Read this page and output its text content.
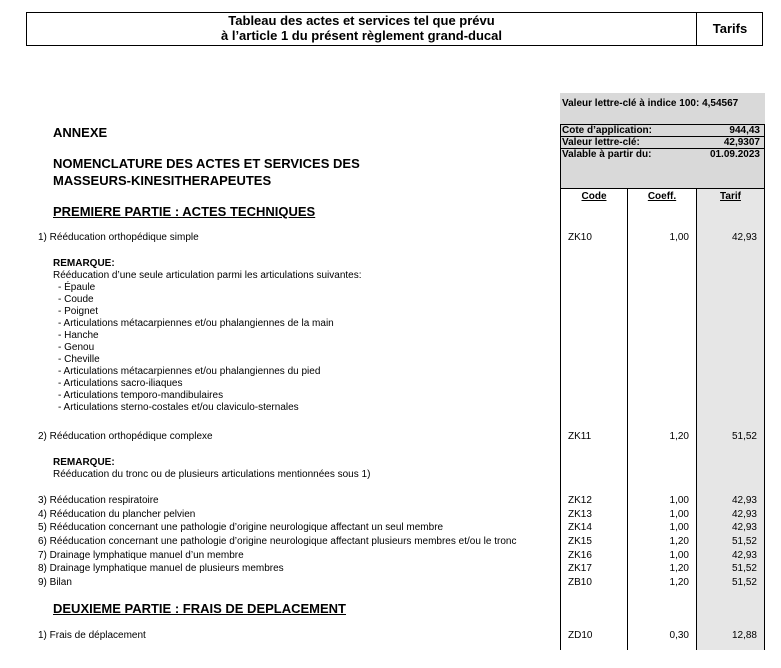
Tableau des actes et services tel que prévu
à l’article 1 du présent règlement grand-ducal	Tarifs
Valeur lettre-clé à indice 100: 4,54567
Cote d’application:	944,43
Valeur lettre-clé:	42,9307
Valable à partir du:	01.09.2023
ANNEXE
NOMENCLATURE DES ACTES ET SERVICES DES
MASSEURS-KINESITHERAPEUTES
PREMIERE PARTIE : ACTES TECHNIQUES
Code	Coeff.	Tarif
1) Rééducation orthopédique simple	ZK10	1,00	42,93
REMARQUE:
Rééducation d’une seule articulation parmi les articulations suivantes:
- Épaule
- Coude
- Poignet
- Articulations métacarpiennes et/ou phalangiennes de la main
- Hanche
- Genou
- Cheville
- Articulations métacarpiennes et/ou phalangiennes du pied
- Articulations sacro-iliaques
- Articulations temporo-mandibulaires
- Articulations sterno-costales et/ou claviculo-sternales
2) Rééducation orthopédique complexe	ZK11	1,20	51,52
REMARQUE:
Rééducation du tronc ou de plusieurs articulations mentionnées sous 1)
3) Rééducation respiratoire	ZK12	1,00	42,93
4) Rééducation du plancher pelvien	ZK13	1,00	42,93
5) Rééducation concernant une pathologie d’origine neurologique affectant un seul membre	ZK14	1,00	42,93
6) Rééducation concernant une pathologie d’origine neurologique affectant plusieurs membres et/ou le tronc	ZK15	1,20	51,52
7) Drainage lymphatique manuel d’un membre	ZK16	1,00	42,93
8) Drainage lymphatique manuel de plusieurs membres	ZK17	1,20	51,52
9) Bilan	ZB10	1,20	51,52
DEUXIEME PARTIE : FRAIS DE DEPLACEMENT
1) Frais de déplacement	ZD10	0,30	12,88
